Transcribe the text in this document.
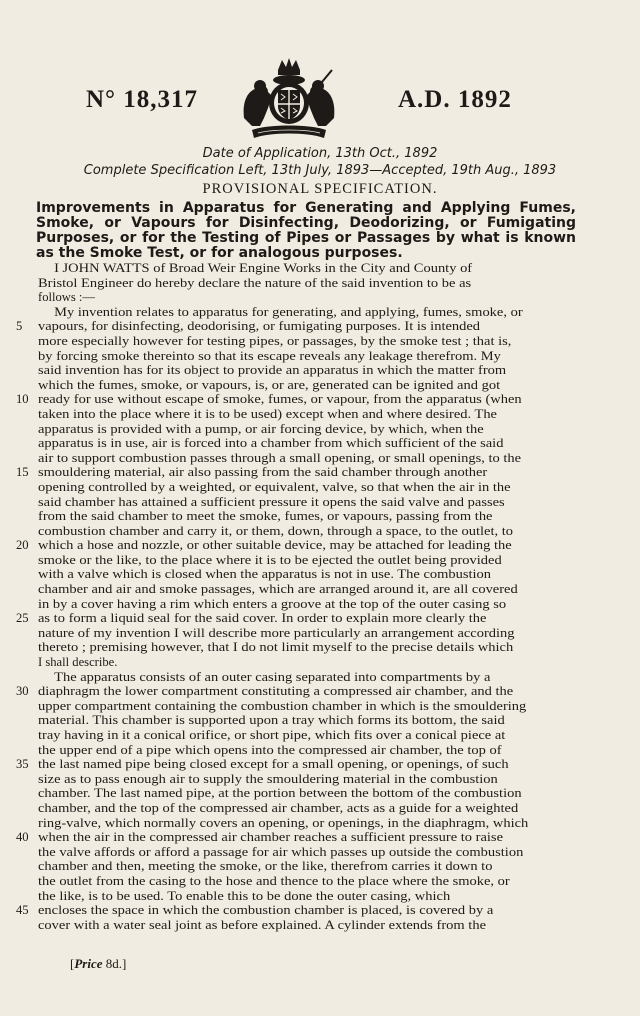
N° 18,317	A.D. 1892
Date of Application, 13th Oct., 1892
Complete Specification Left, 13th July, 1893—Accepted, 19th Aug., 1893
PROVISIONAL SPECIFICATION.
Improvements in Apparatus for Generating and Applying Fumes, Smoke, or Vapours for Disinfecting, Deodorizing, or Fumigating Purposes, or for the Testing of Pipes or Passages by what is known as the Smoke Test, or for analogous purposes.
I JOHN WATTS of Broad Weir Engine Works in the City and County of
Bristol Engineer do hereby declare the nature of the said invention to be as
follows :—
My invention relates to apparatus for generating, and applying, fumes, smoke, or
5	vapours, for disinfecting, deodorising, or fumigating purposes. It is intended
more especially however for testing pipes, or passages, by the smoke test ; that is,
by forcing smoke thereinto so that its escape reveals any leakage therefrom. My
said invention has for its object to provide an apparatus in which the matter from
which the fumes, smoke, or vapours, is, or are, generated can be ignited and got
10 ready for use without escape of smoke, fumes, or vapour, from the apparatus (when
taken into the place where it is to be used) except when and where desired. The
apparatus is provided with a pump, or air forcing device, by which, when the
apparatus is in use, air is forced into a chamber from which sufficient of the said
air to support combustion passes through a small opening, or small openings, to the
15 smouldering material, air also passing from the said chamber through another
opening controlled by a weighted, or equivalent, valve, so that when the air in the
said chamber has attained a sufficient pressure it opens the said valve and passes
from the said chamber to meet the smoke, fumes, or vapours, passing from the
combustion chamber and carry it, or them, down, through a space, to the outlet, to
20 which a hose and nozzle, or other suitable device, may be attached for leading the
smoke or the like, to the place where it is to be ejected the outlet being provided
with a valve which is closed when the apparatus is not in use. The combustion
chamber and air and smoke passages, which are arranged around it, are all covered
in by a cover having a rim which enters a groove at the top of the outer casing so
25 as to form a liquid seal for the said cover. In order to explain more clearly the
nature of my invention I will describe more particularly an arrangement according
thereto ; premising however, that I do not limit myself to the precise details which
I shall describe.
The apparatus consists of an outer casing separated into compartments by a
30 diaphragm the lower compartment constituting a compressed air chamber, and the
upper compartment containing the combustion chamber in which is the smouldering
material. This chamber is supported upon a tray which forms its bottom, the said
tray having in it a conical orifice, or short pipe, which fits over a conical piece at
the upper end of a pipe which opens into the compressed air chamber, the top of
35 the last named pipe being closed except for a small opening, or openings, of such
size as to pass enough air to supply the smouldering material in the combustion
chamber. The last named pipe, at the portion between the bottom of the combustion
chamber, and the top of the compressed air chamber, acts as a guide for a weighted
ring-valve, which normally covers an opening, or openings, in the diaphragm, which
40 when the air in the compressed air chamber reaches a sufficient pressure to raise
the valve affords or afford a passage for air which passes up outside the combustion
chamber and then, meeting the smoke, or the like, therefrom carries it down to
the outlet from the casing to the hose and thence to the place where the smoke, or
the like, is to be used. To enable this to be done the outer casing, which
45 encloses the space in which the combustion chamber is placed, is covered by a
cover with a water seal joint as before explained. A cylinder extends from the
[Price 8d.]
